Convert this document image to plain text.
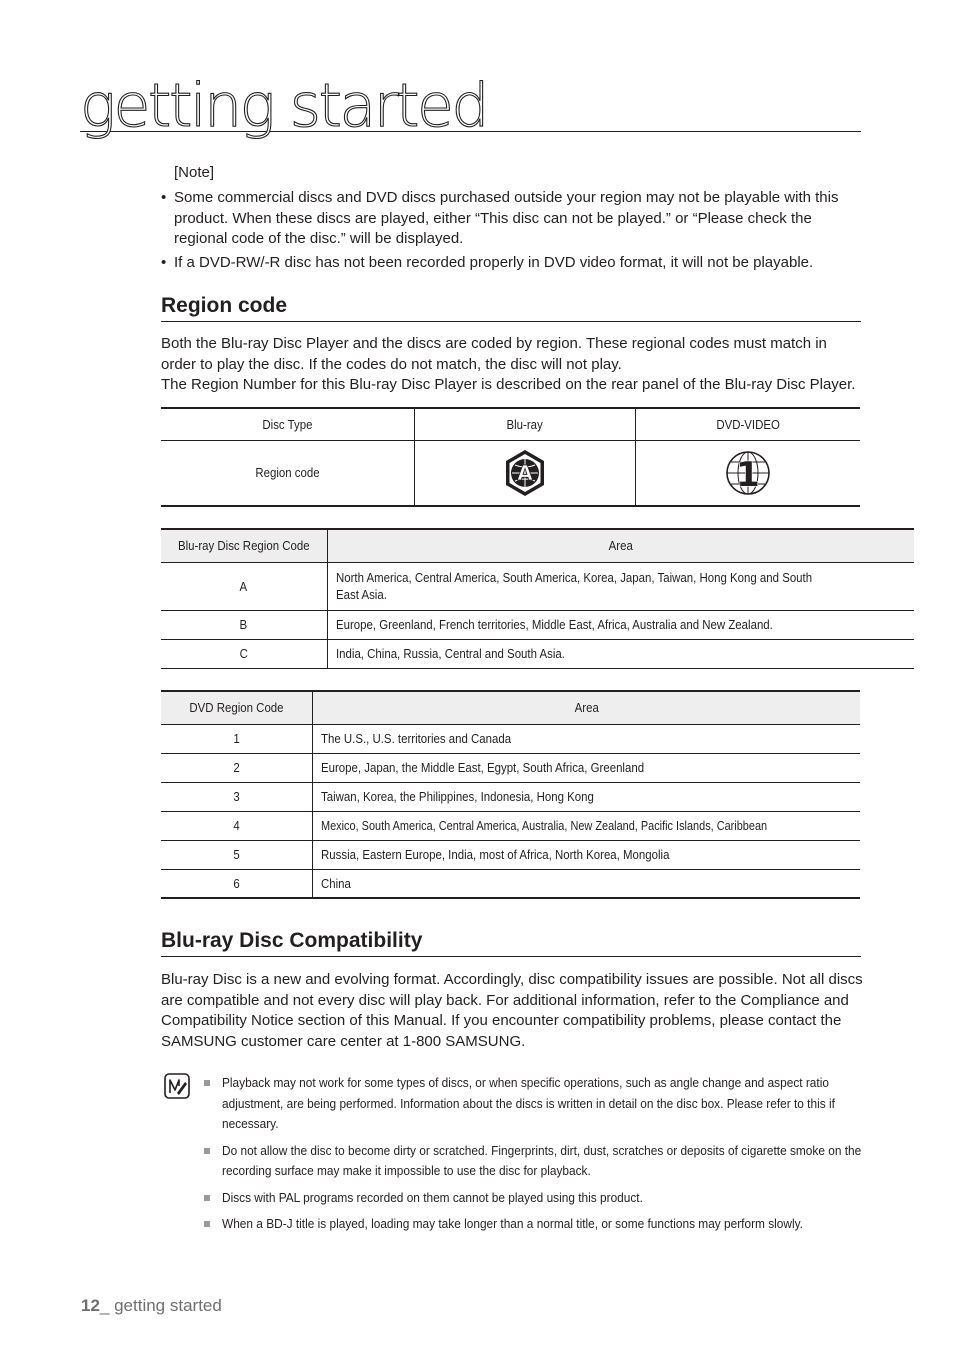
getting started
[Note]
• Some commercial discs and DVD discs purchased outside your region may not be playable with this product. When these discs are played, either “This disc can not be played.” or “Please check the regional code of the disc.” will be displayed.
• If a DVD-RW/-R disc has not been recorded properly in DVD video format, it will not be playable.
Region code

Both the Blu-ray Disc Player and the discs are coded by region. These regional codes must match in order to play the disc. If the codes do not match, the disc will not play.
The Region Number for this Blu-ray Disc Player is described on the rear panel of the Blu-ray Disc Player.

Disc Type	Blu-ray	DVD-VIDEO
Region code	A	1
Blu-ray Disc Region Code	Area
A	North America, Central America, South America, Korea, Japan, Taiwan, Hong Kong and South East Asia.

B	Europe, Greenland, French territories, Middle East, Africa, Australia and New Zealand.
C	India, China, Russia, Central and South Asia.
DVD Region Code	Area
1	The U.S., U.S. territories and Canada
2	Europe, Japan, the Middle East, Egypt, South Africa, Greenland
3	Taiwan, Korea, the Philippines, Indonesia, Hong Kong
4	Mexico, South America, Central America, Australia, New Zealand, Pacific Islands, Caribbean
5	Russia, Eastern Europe, India, most of Africa, North Korea, Mongolia
6	China
Blu-ray Disc Compatibility

Blu-ray Disc is a new and evolving format. Accordingly, disc compatibility issues are possible. Not all discs are compatible and not every disc will play back. For additional information, refer to the Compliance and Compatibility Notice section of this Manual. If you encounter compatibility problems, please contact the SAMSUNG customer care center at 1-800 SAMSUNG.

Playback may not work for some types of discs, or when specific operations, such as angle change and aspect ratio adjustment, are being performed. Information about the discs is written in detail on the disc box. Please refer to this if necessary.
Do not allow the disc to become dirty or scratched. Fingerprints, dirt, dust, scratches or deposits of cigarette smoke on the recording surface may make it impossible to use the disc for playback.
Discs with PAL programs recorded on them cannot be played using this product.
When a BD-J title is played, loading may take longer than a normal title, or some functions may perform slowly.
12_ getting started
